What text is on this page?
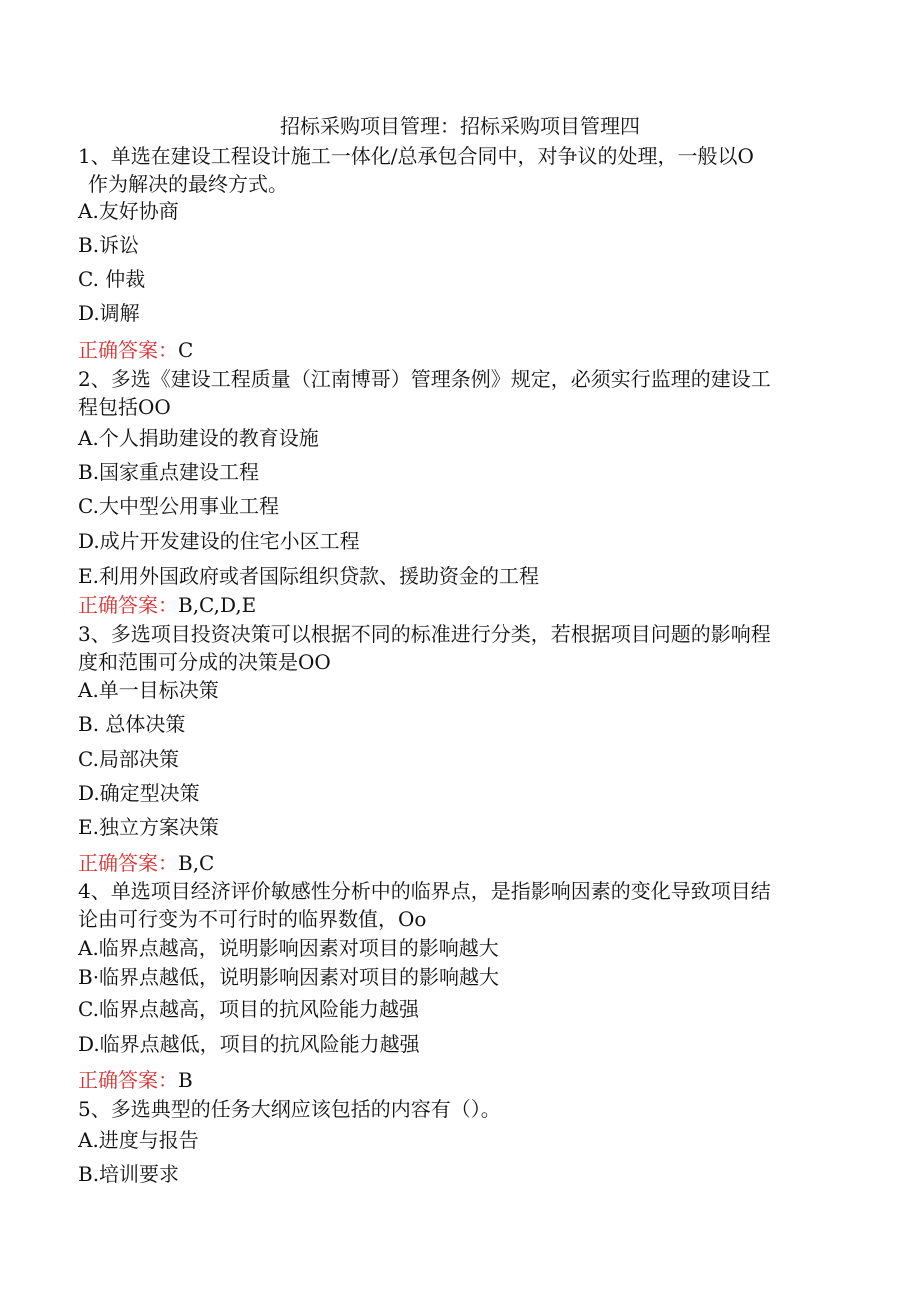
招标采购项目管理：招标采购项目管理四
1、单选在建设工程设计施工一体化/总承包合同中，对争议的处理，一般以O
作为解决的最终方式。
A.友好协商
B.诉讼
C. 仲裁
D.调解
正确答案：C
2、多选《建设工程质量（江南博哥）管理条例》规定，必须实行监理的建设工
程包括OO
A.个人捐助建设的教育设施
B.国家重点建设工程
C.大中型公用事业工程
D.成片开发建设的住宅小区工程
E.利用外国政府或者国际组织贷款、援助资金的工程
正确答案：B,C,D,E
3、多选项目投资决策可以根据不同的标准进行分类，若根据项目问题的影响程
度和范围可分成的决策是OO
A.单一目标决策
B. 总体决策
C.局部决策
D.确定型决策
E.独立方案决策
正确答案：B,C
4、单选项目经济评价敏感性分析中的临界点，是指影响因素的变化导致项目结
论由可行变为不可行时的临界数值，Oo
A.临界点越高，说明影响因素对项目的影响越大
B·临界点越低，说明影响因素对项目的影响越大
C.临界点越高，项目的抗风险能力越强
D.临界点越低，项目的抗风险能力越强
正确答案：B
5、多选典型的任务大纲应该包括的内容有（）。
A.进度与报告
B.培训要求
